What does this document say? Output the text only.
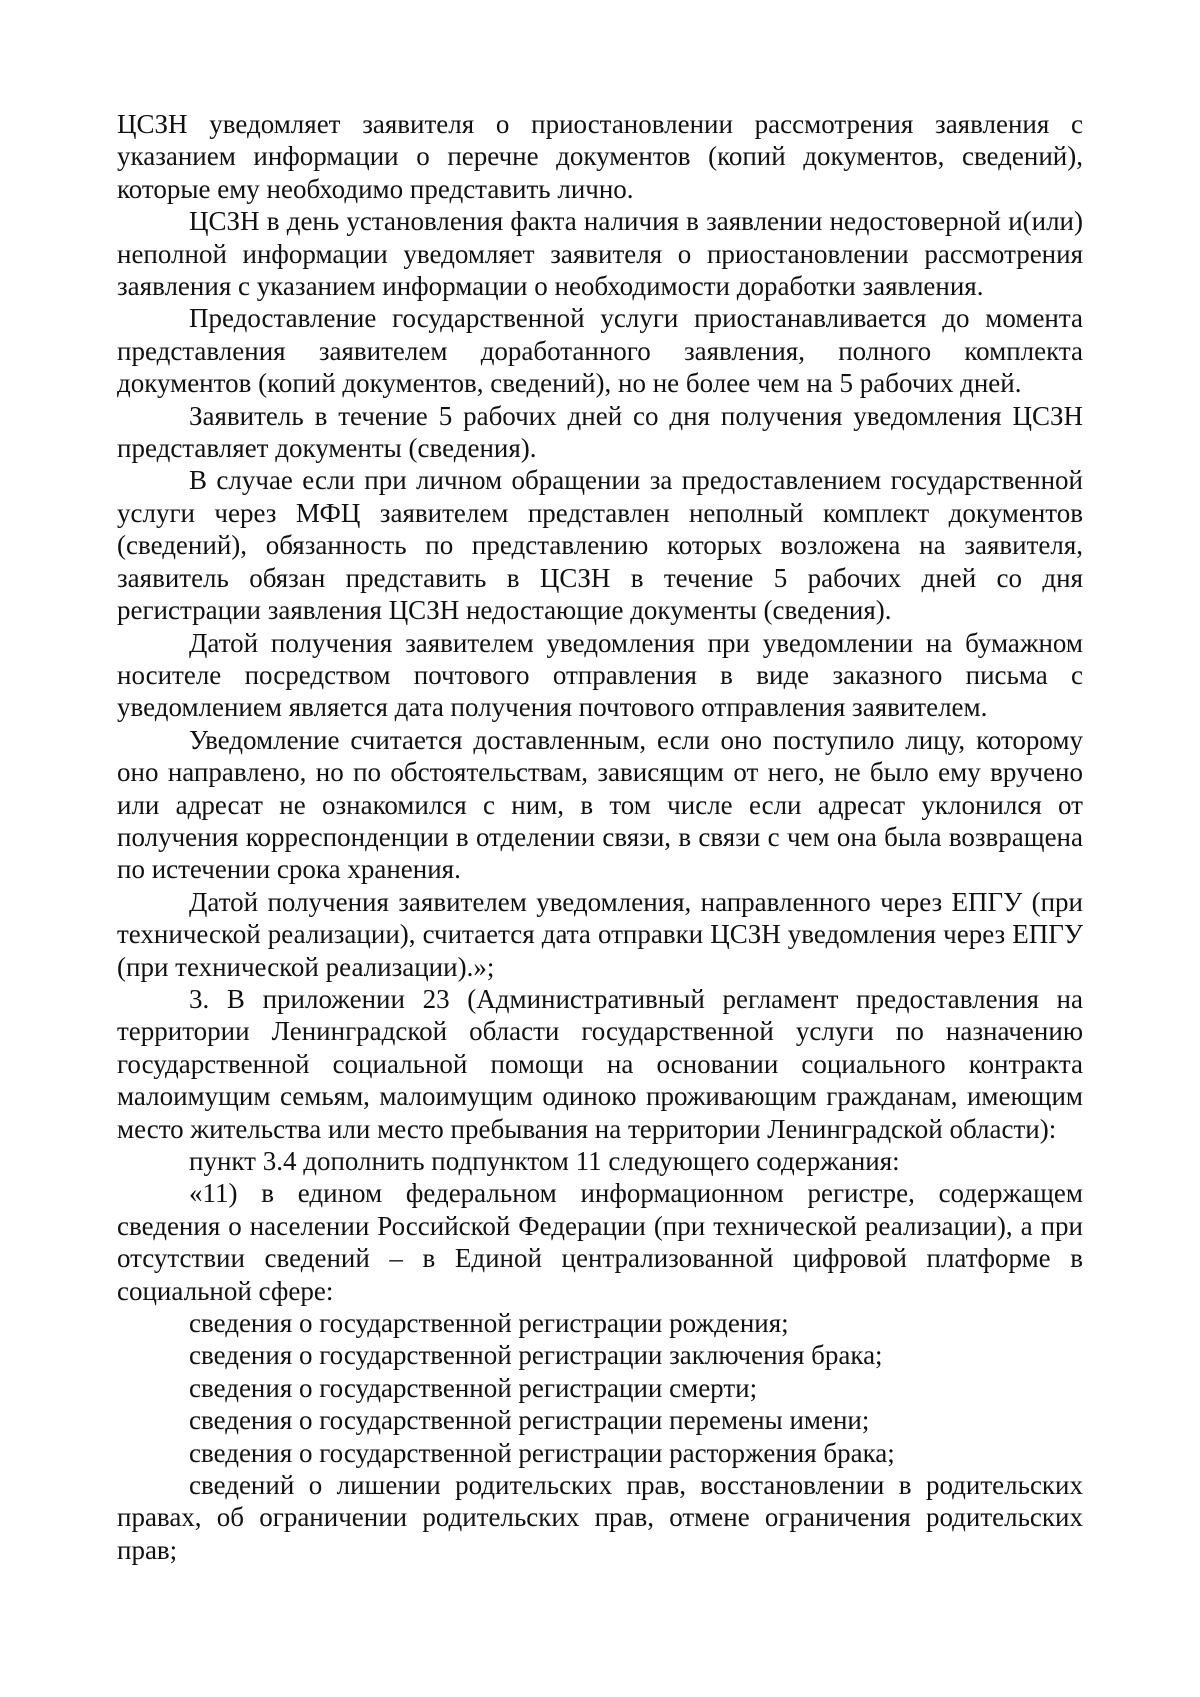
ЦСЗН уведомляет заявителя о приостановлении рассмотрения заявления с указанием информации о перечне документов (копий документов, сведений), которые ему необходимо представить лично.

ЦСЗН в день установления факта наличия в заявлении недостоверной и(или) неполной информации уведомляет заявителя о приостановлении рассмотрения заявления с указанием информации о необходимости доработки заявления.

Предоставление государственной услуги приостанавливается до момента представления заявителем доработанного заявления, полного комплекта документов (копий документов, сведений), но не более чем на 5 рабочих дней.

Заявитель в течение 5 рабочих дней со дня получения уведомления ЦСЗН представляет документы (сведения).

В случае если при личном обращении за предоставлением государственной услуги через МФЦ заявителем представлен неполный комплект документов (сведений), обязанность по представлению которых возложена на заявителя, заявитель обязан представить в ЦСЗН в течение 5 рабочих дней со дня регистрации заявления ЦСЗН недостающие документы (сведения).

Датой получения заявителем уведомления при уведомлении на бумажном носителе посредством почтового отправления в виде заказного письма с уведомлением является дата получения почтового отправления заявителем.

Уведомление считается доставленным, если оно поступило лицу, которому оно направлено, но по обстоятельствам, зависящим от него, не было ему вручено или адресат не ознакомился с ним, в том числе если адресат уклонился от получения корреспонденции в отделении связи, в связи с чем она была возвращена по истечении срока хранения.

Датой получения заявителем уведомления, направленного через ЕПГУ (при технической реализации), считается дата отправки ЦСЗН уведомления через ЕПГУ (при технической реализации).»;

3. В приложении 23 (Административный регламент предоставления на территории Ленинградской области государственной услуги по назначению государственной социальной помощи на основании социального контракта малоимущим семьям, малоимущим одиноко проживающим гражданам, имеющим место жительства или место пребывания на территории Ленинградской области):

пункт 3.4 дополнить подпунктом 11 следующего содержания:

«11) в едином федеральном информационном регистре, содержащем сведения о населении Российской Федерации (при технической реализации), а при отсутствии сведений – в Единой централизованной цифровой платформе в социальной сфере:

сведения о государственной регистрации рождения;

сведения о государственной регистрации заключения брака;

сведения о государственной регистрации смерти;

сведения о государственной регистрации перемены имени;

сведения о государственной регистрации расторжения брака;

сведений о лишении родительских прав, восстановлении в родительских правах, об ограничении родительских прав, отмене ограничения родительских прав;
